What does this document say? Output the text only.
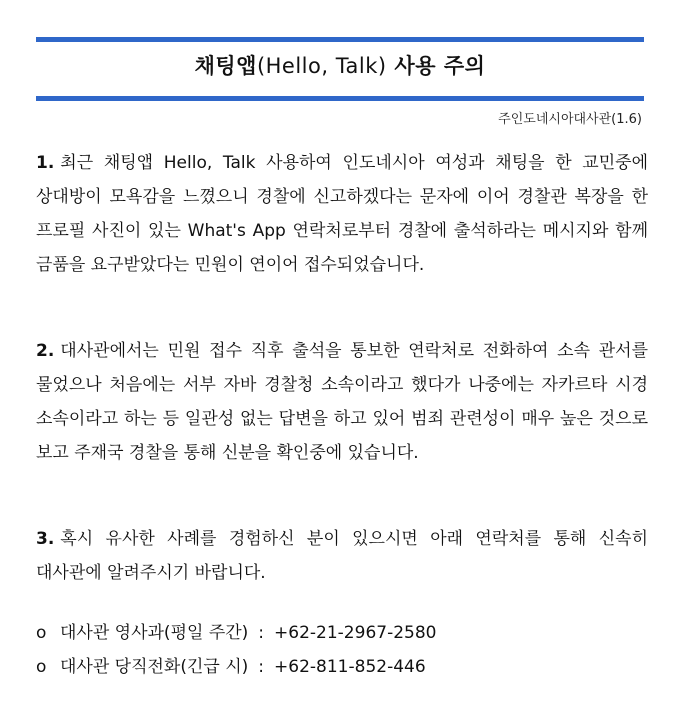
채팅앱(Hello, Talk) 사용 주의
주인도네시아대사관(1.6)

1. 최근 채팅앱 Hello, Talk 사용하여 인도네시아 여성과 채팅을 한 교민중에 상대방이 모욕감을 느꼈으니 경찰에 신고하겠다는 문자에 이어 경찰관 복장을 한 프로필 사진이 있는 What's App 연락처로부터 경찰에 출석하라는 메시지와 함께 금품을 요구받았다는 민원이 연이어 접수되었습니다.

2. 대사관에서는 민원 접수 직후 출석을 통보한 연락처로 전화하여 소속 관서를 물었으나 처음에는 서부 자바 경찰청 소속이라고 했다가 나중에는 자카르타 시경 소속이라고 하는 등 일관성 없는 답변을 하고 있어 범죄 관련성이 매우 높은 것으로 보고 주재국 경찰을 통해 신분을 확인중에 있습니다.

3. 혹시 유사한 사례를 경험하신 분이 있으시면 아래 연락처를 통해 신속히 대사관에 알려주시기 바랍니다.

o 대사관 영사과(평일 주간) : +62-21-2967-2580
o 대사관 당직전화(긴급 시) : +62-811-852-446
